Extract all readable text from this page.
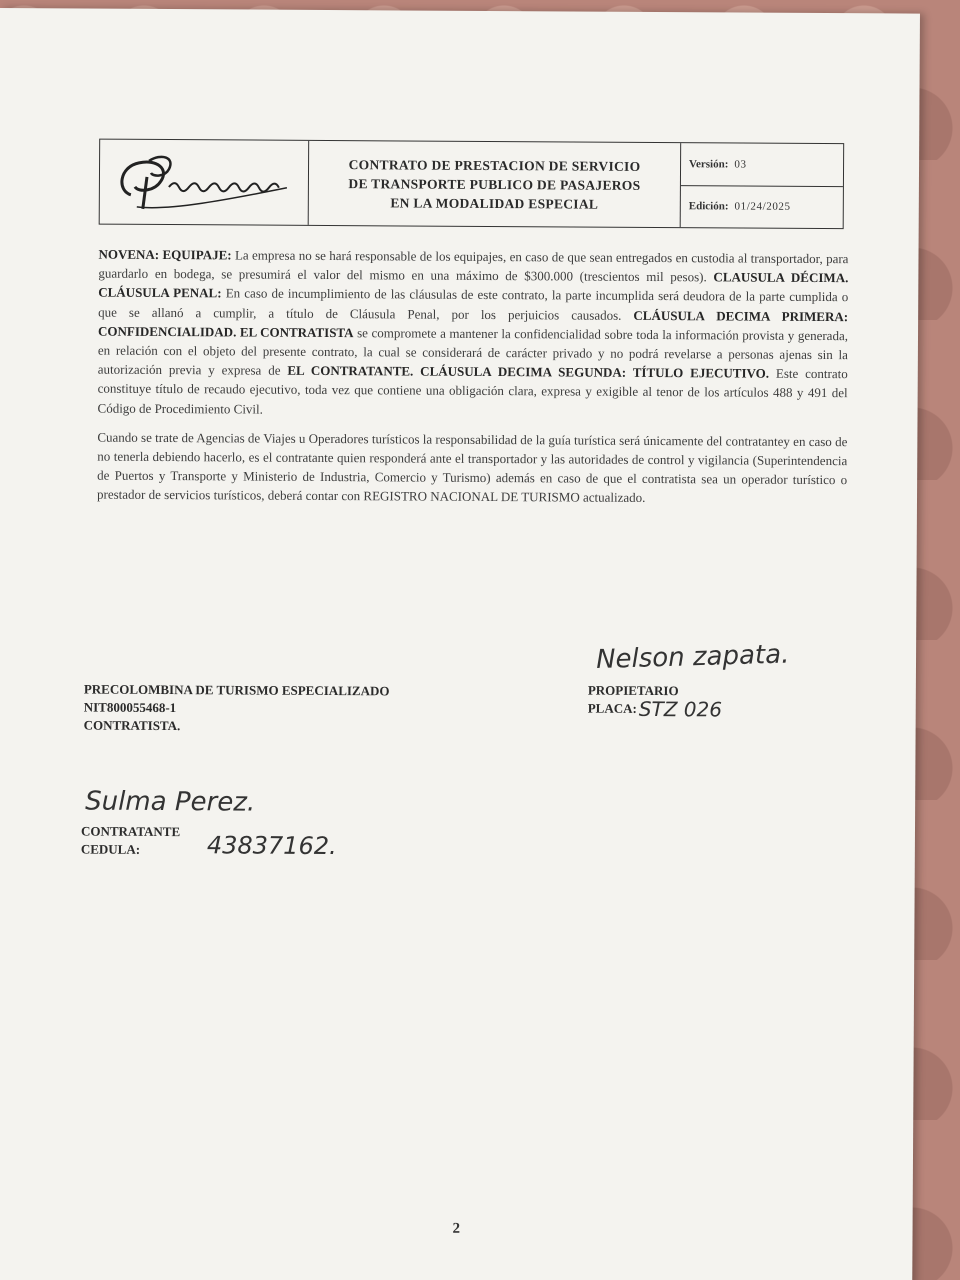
CONTRATO DE PRESTACION DE SERVICIO
DE TRANSPORTE PUBLICO DE PASAJEROS
EN LA MODALIDAD ESPECIAL
Versión: 03
Edición: 01/24/2025

NOVENA: EQUIPAJE: La empresa no se hará responsable de los equipajes, en caso de que sean entregados en custodia al transportador, para guardarlo en bodega, se presumirá el valor del mismo en una máximo de $300.000 (trescientos mil pesos). CLAUSULA DÉCIMA. CLÁUSULA PENAL: En caso de incumplimiento de las cláusulas de este contrato, la parte incumplida será deudora de la parte cumplida o que se allanó a cumplir, a título de Cláusula Penal, por los perjuicios causados. CLÁUSULA DECIMA PRIMERA: CONFIDENCIALIDAD. EL CONTRATISTA se compromete a mantener la confidencialidad sobre toda la información provista y generada, en relación con el objeto del presente contrato, la cual se considerará de carácter privado y no podrá revelarse a personas ajenas sin la autorización previa y expresa de EL CONTRATANTE. CLÁUSULA DECIMA SEGUNDA: TÍTULO EJECUTIVO. Este contrato constituye título de recaudo ejecutivo, toda vez que contiene una obligación clara, expresa y exigible al tenor de los artículos 488 y 491 del Código de Procedimiento Civil.

Cuando se trate de Agencias de Viajes u Operadores turísticos la responsabilidad de la guía turística será únicamente del contratantey en caso de no tenerla debiendo hacerlo, es el contratante quien responderá ante el transportador y las autoridades de control y vigilancia (Superintendencia de Puertos y Transporte y Ministerio de Industria, Comercio y Turismo) además en caso de que el contratista sea un operador turístico o prestador de servicios turísticos, deberá contar con REGISTRO NACIONAL DE TURISMO actualizado.

Nelson zapata.
PRECOLOMBINA DE TURISMO ESPECIALIZADO
NIT800055468-1
CONTRATISTA.
PROPIETARIO
PLACA: STZ 026
Sulma Perez.
CONTRATANTE
CEDULA:	43837162.
2
